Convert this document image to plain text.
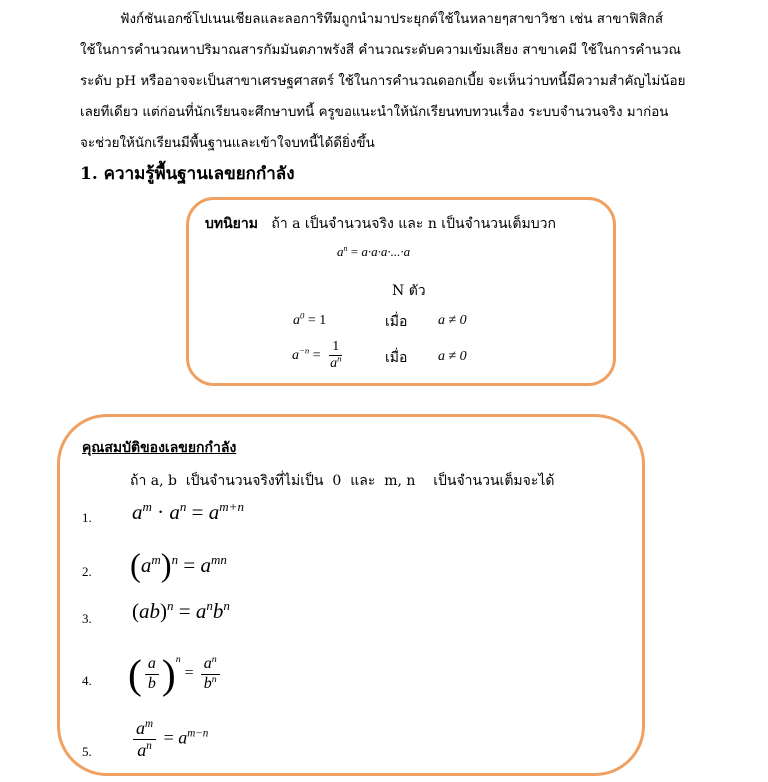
ฟังก์ชันเอกซ์โปเนนเชียลและลอการิทึมถูกนำมาประยุกต์ใช้ในหลายๆสาขาวิชา เช่น สาขาฟิสิกส์
ใช้ในการคำนวณหาปริมาณสารกัมมันตภาพรังสี คำนวณระดับความเข้มเสียง สาขาเคมี ใช้ในการคำนวณ
ระดับ pH หรืออาจจะเป็นสาขาเศรษฐศาสตร์ ใช้ในการคำนวณดอกเบี้ย จะเห็นว่าบทนี้มีความสำคัญไม่น้อย
เลยทีเดียว แต่ก่อนที่นักเรียนจะศึกษาบทนี้ ครูขอแนะนำให้นักเรียนทบทวนเรื่อง ระบบจำนวนจริง มาก่อน
จะช่วยให้นักเรียนมีพื้นฐานและเข้าใจบทนี้ได้ดียิ่งขึ้น
1. ความรู้พื้นฐานเลขยกกำลัง
บทนิยาม ถ้า a เป็นจำนวนจริง และ n เป็นจำนวนเต็มบวก
$a^n = a\cdot a\cdot a\cdot...\cdot a$
N ตัว
$a^0 = 1$	เมื่อ a ≠ 0
$a^{-n} = \frac{1}{a^n}$	เมื่อ a ≠ 0
คุณสมบัติของเลขยกกำลัง
ถ้า a, b  เป็นจำนวนจริงที่ไม่เป็น  0  และ  m, n    เป็นจำนวนเต็มจะได้
1. $a^m \cdot a^n = a^{m+n}$
2. $(a^m)^n = a^{mn}$
3. $(ab)^n = a^nb^n$
4. ( $\frac{a}{b} )^n = \frac{a^n}{b^n}$
5. $\frac{a^m}{a^n} = a^{m-n}$
